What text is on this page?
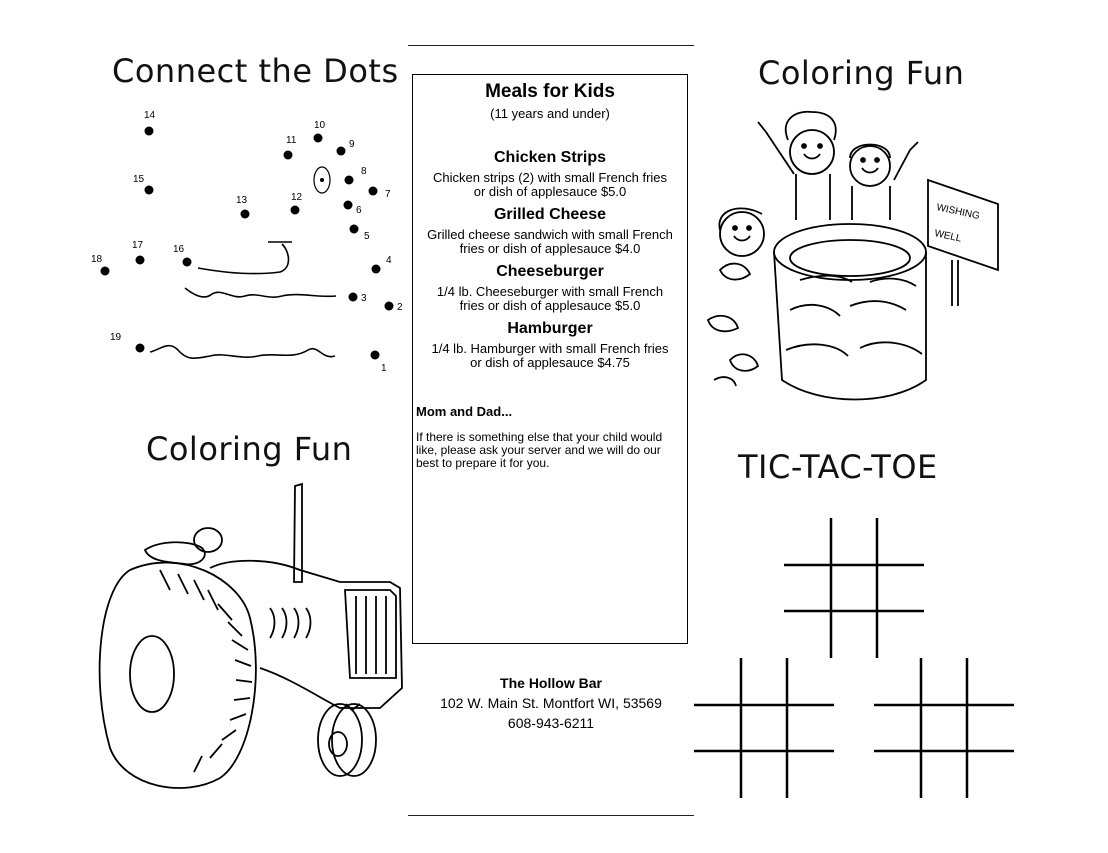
Connect the Dots
1
2
3
4
5
6
7
8
9
10
11
12
13
14
15
16
17
18
19
Coloring Fun
Meals for Kids
(11 years and under)
Chicken Strips
Chicken strips (2) with small French fries
or dish of applesauce $5.0
Grilled Cheese
Grilled cheese sandwich with small French
fries or dish of applesauce $4.0
Cheeseburger
1/4 lb. Cheeseburger with small French
fries or dish of applesauce $5.0
Hamburger
1/4 lb. Hamburger with small French fries
or dish of applesauce $4.75
Mom and Dad...
If there is something else that your child would like, please ask your server and we will do our best to prepare it for you.
The Hollow Bar
102 W. Main St. Montfort WI, 53569
608-943-6211
Coloring Fun
WISHING
WELL
TIC-TAC-TOE
